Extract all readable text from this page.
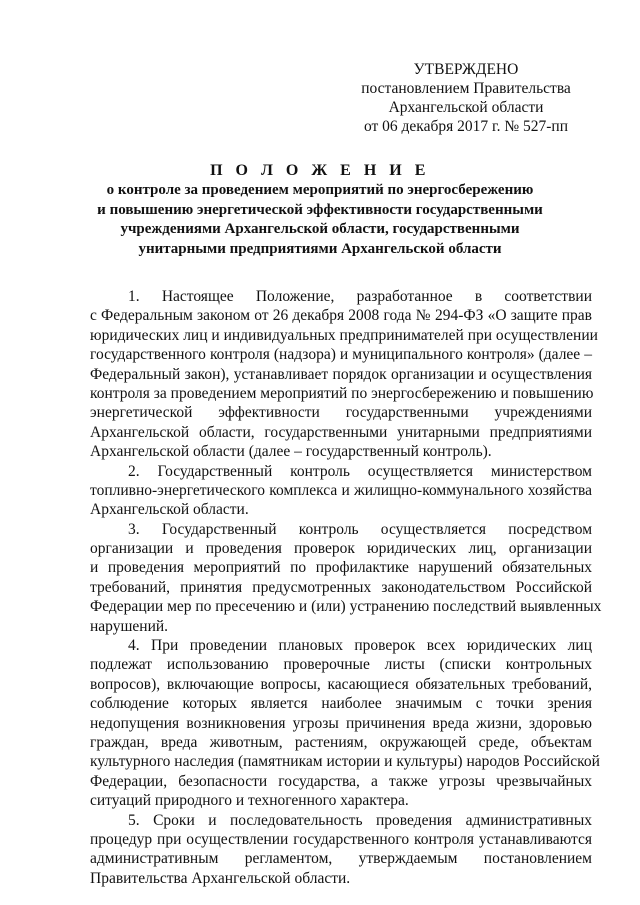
УТВЕРЖДЕНО
постановлением Правительства
Архангельской области
от 06 декабря 2017 г. № 527-пп
П О Л О Ж Е Н И Е
о контроле за проведением мероприятий по энергосбережению
и повышению энергетической эффективности государственными
учреждениями Архангельской области, государственными
унитарными предприятиями Архангельской области
1. Настоящее Положение, разработанное в соответствии
с Федеральным законом от 26 декабря 2008 года № 294-ФЗ «О защите прав
юридических лиц и индивидуальных предпринимателей при осуществлении
государственного контроля (надзора) и муниципального контроля» (далее –
Федеральный закон), устанавливает порядок организации и осуществления
контроля за проведением мероприятий по энергосбережению и повышению
энергетической эффективности государственными учреждениями
Архангельской области, государственными унитарными предприятиями
Архангельской области (далее – государственный контроль).
2. Государственный контроль осуществляется министерством
топливно-энергетического комплекса и жилищно-коммунального хозяйства
Архангельской области.
3. Государственный контроль осуществляется посредством
организации и проведения проверок юридических лиц, организации
и проведения мероприятий по профилактике нарушений обязательных
требований, принятия предусмотренных законодательством Российской
Федерации мер по пресечению и (или) устранению последствий выявленных
нарушений.
4. При проведении плановых проверок всех юридических лиц
подлежат использованию проверочные листы (списки контрольных
вопросов), включающие вопросы, касающиеся обязательных требований,
соблюдение которых является наиболее значимым с точки зрения
недопущения возникновения угрозы причинения вреда жизни, здоровью
граждан, вреда животным, растениям, окружающей среде, объектам
культурного наследия (памятникам истории и культуры) народов Российской
Федерации, безопасности государства, а также угрозы чрезвычайных
ситуаций природного и техногенного характера.
5. Сроки и последовательность проведения административных
процедур при осуществлении государственного контроля устанавливаются
административным регламентом, утверждаемым постановлением
Правительства Архангельской области.
